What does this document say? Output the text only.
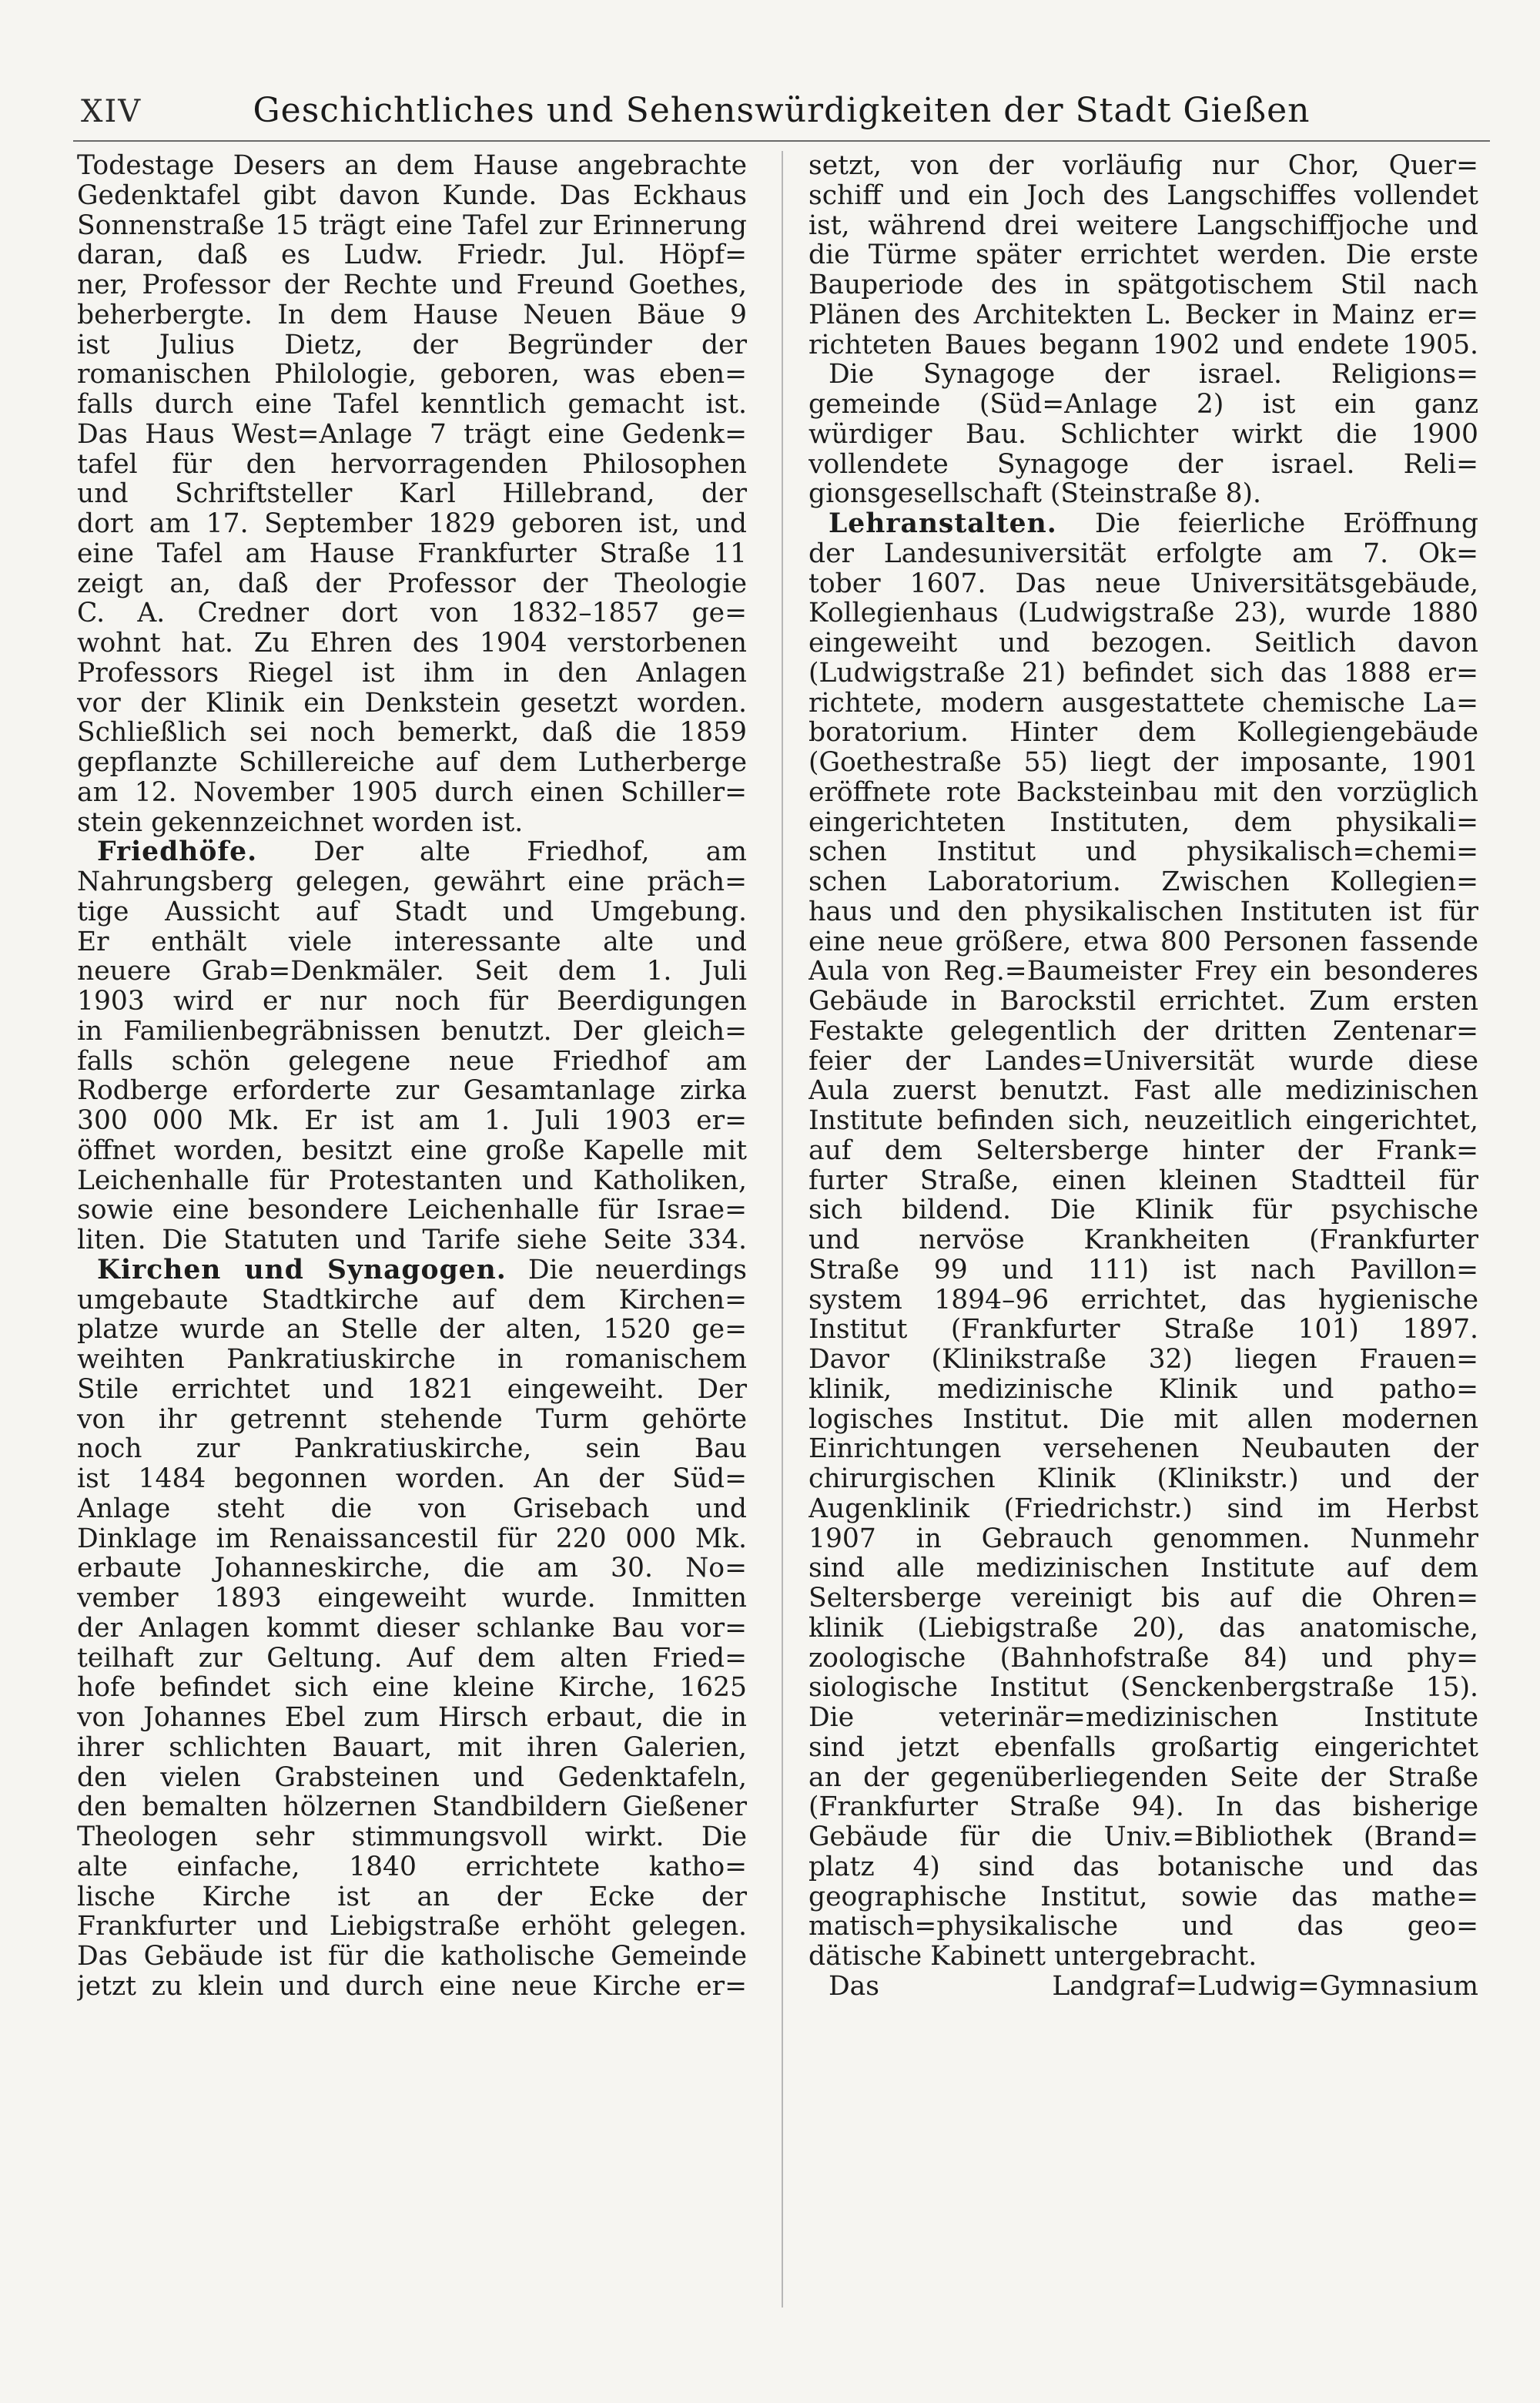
XIV	Geschichtliches und Sehenswürdigkeiten der Stadt Gießen
Todestage Desers an dem Hause angebrachte
Gedenktafel gibt davon Kunde. Das Eckhaus
Sonnenstraße 15 trägt eine Tafel zur Erinnerung
daran, daß es Ludw. Friedr. Jul. Höpf=
ner, Professor der Rechte und Freund Goethes,
beherbergte. In dem Hause Neuen Bäue 9
ist Julius Dietz, der Begründer der
romanischen Philologie, geboren, was eben=
falls durch eine Tafel kenntlich gemacht ist.
Das Haus West=Anlage 7 trägt eine Gedenk=
tafel für den hervorragenden Philosophen
und Schriftsteller Karl Hillebrand, der
dort am 17. September 1829 geboren ist, und
eine Tafel am Hause Frankfurter Straße 11
zeigt an, daß der Professor der Theologie
C. A. Credner dort von 1832–1857 ge=
wohnt hat. Zu Ehren des 1904 verstorbenen
Professors Riegel ist ihm in den Anlagen
vor der Klinik ein Denkstein gesetzt worden.
Schließlich sei noch bemerkt, daß die 1859
gepflanzte Schillereiche auf dem Lutherberge
am 12. November 1905 durch einen Schiller=
stein gekennzeichnet worden ist.
Friedhöfe. Der alte Friedhof, am
Nahrungsberg gelegen, gewährt eine präch=
tige Aussicht auf Stadt und Umgebung.
Er enthält viele interessante alte und
neuere Grab=Denkmäler. Seit dem 1. Juli
1903 wird er nur noch für Beerdigungen
in Familienbegräbnissen benutzt. Der gleich=
falls schön gelegene neue Friedhof am
Rodberge erforderte zur Gesamtanlage zirka
300 000 Mk. Er ist am 1. Juli 1903 er=
öffnet worden, besitzt eine große Kapelle mit
Leichenhalle für Protestanten und Katholiken,
sowie eine besondere Leichenhalle für Israe=
liten. Die Statuten und Tarife siehe Seite 334.
Kirchen und Synagogen. Die neuerdings
umgebaute Stadtkirche auf dem Kirchen=
platze wurde an Stelle der alten, 1520 ge=
weihten Pankratiuskirche in romanischem
Stile errichtet und 1821 eingeweiht. Der
von ihr getrennt stehende Turm gehörte
noch zur Pankratiuskirche, sein Bau
ist 1484 begonnen worden. An der Süd=
Anlage steht die von Grisebach und
Dinklage im Renaissancestil für 220 000 Mk.
erbaute Johanneskirche, die am 30. No=
vember 1893 eingeweiht wurde. Inmitten
der Anlagen kommt dieser schlanke Bau vor=
teilhaft zur Geltung. Auf dem alten Fried=
hofe befindet sich eine kleine Kirche, 1625
von Johannes Ebel zum Hirsch erbaut, die in
ihrer schlichten Bauart, mit ihren Galerien,
den vielen Grabsteinen und Gedenktafeln,
den bemalten hölzernen Standbildern Gießener
Theologen sehr stimmungsvoll wirkt. Die
alte einfache, 1840 errichtete katho=
lische Kirche ist an der Ecke der
Frankfurter und Liebigstraße erhöht gelegen.
Das Gebäude ist für die katholische Gemeinde
jetzt zu klein und durch eine neue Kirche er=
setzt, von der vorläufig nur Chor, Quer=
schiff und ein Joch des Langschiffes vollendet
ist, während drei weitere Langschiffjoche und
die Türme später errichtet werden. Die erste
Bauperiode des in spätgotischem Stil nach
Plänen des Architekten L. Becker in Mainz er=
richteten Baues begann 1902 und endete 1905.
Die Synagoge der israel. Religions=
gemeinde (Süd=Anlage 2) ist ein ganz
würdiger Bau. Schlichter wirkt die 1900
vollendete Synagoge der israel. Reli=
gionsgesellschaft (Steinstraße 8).
Lehranstalten. Die feierliche Eröffnung
der Landesuniversität erfolgte am 7. Ok=
tober 1607. Das neue Universitätsgebäude,
Kollegienhaus (Ludwigstraße 23), wurde 1880
eingeweiht und bezogen. Seitlich davon
(Ludwigstraße 21) befindet sich das 1888 er=
richtete, modern ausgestattete chemische La=
boratorium. Hinter dem Kollegiengebäude
(Goethestraße 55) liegt der imposante, 1901
eröffnete rote Backsteinbau mit den vorzüglich
eingerichteten Instituten, dem physikali=
schen Institut und physikalisch=chemi=
schen Laboratorium. Zwischen Kollegien=
haus und den physikalischen Instituten ist für
eine neue größere, etwa 800 Personen fassende
Aula von Reg.=Baumeister Frey ein besonderes
Gebäude in Barockstil errichtet. Zum ersten
Festakte gelegentlich der dritten Zentenar=
feier der Landes=Universität wurde diese
Aula zuerst benutzt. Fast alle medizinischen
Institute befinden sich, neuzeitlich eingerichtet,
auf dem Seltersberge hinter der Frank=
furter Straße, einen kleinen Stadtteil für
sich bildend. Die Klinik für psychische
und nervöse Krankheiten (Frankfurter
Straße 99 und 111) ist nach Pavillon=
system 1894–96 errichtet, das hygienische
Institut (Frankfurter Straße 101) 1897.
Davor (Klinikstraße 32) liegen Frauen=
klinik, medizinische Klinik und patho=
logisches Institut. Die mit allen modernen
Einrichtungen versehenen Neubauten der
chirurgischen Klinik (Klinikstr.) und der
Augenklinik (Friedrichstr.) sind im Herbst
1907 in Gebrauch genommen. Nunmehr
sind alle medizinischen Institute auf dem
Seltersberge vereinigt bis auf die Ohren=
klinik (Liebigstraße 20), das anatomische,
zoologische (Bahnhofstraße 84) und phy=
siologische Institut (Senckenbergstraße 15).
Die veterinär=medizinischen Institute
sind jetzt ebenfalls großartig eingerichtet
an der gegenüberliegenden Seite der Straße
(Frankfurter Straße 94). In das bisherige
Gebäude für die Univ.=Bibliothek (Brand=
platz 4) sind das botanische und das
geographische Institut, sowie das mathe=
matisch=physikalische und das geo=
dätische Kabinett untergebracht.
Das Landgraf=Ludwig=Gymnasium
